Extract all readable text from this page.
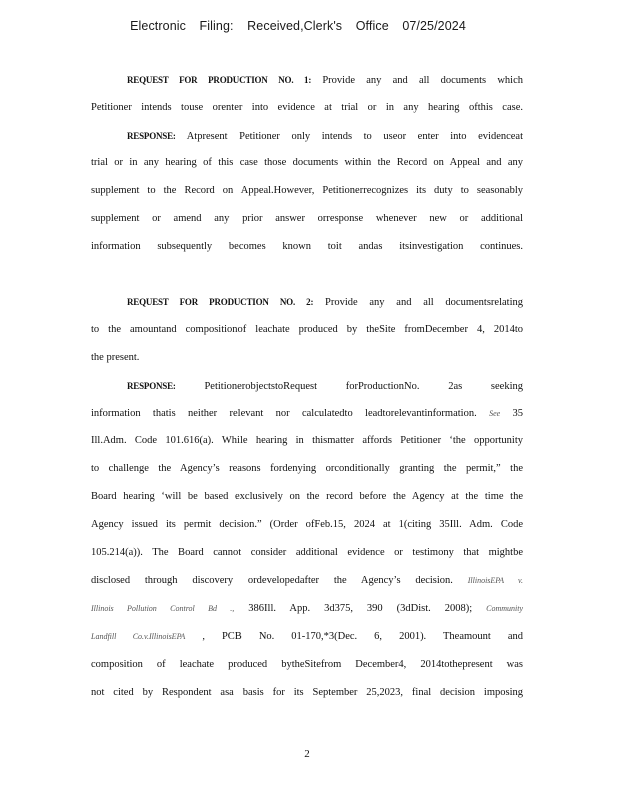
Electronic Filing: Received,Clerk's Office 07/25/2024
REQUEST FOR PRODUCTION NO. 1: Provide any and all documents which
Petitioner intends touse orenter into evidence at trial or in any hearing ofthis case.
RESPONSE: Atpresent Petitioner only intends to useor enter into evidenceat
trial or in any hearing of this case those documents within the Record on Appeal and any
supplement to the Record on Appeal.However, Petitionerrecognizes its duty to seasonably
supplement or amend any prior answer orresponse whenever new or additional
information subsequently becomes known toit andas itsinvestigation continues.
REQUEST FOR PRODUCTION NO. 2: Provide any and all documentsrelating
to the amountand compositionof leachate produced by theSite fromDecember 4, 2014to
the present.
RESPONSE:	PetitionerobjectstoRequest forProductionNo. 2as seeking
information thatis neither relevant nor calculatedto leadtorelevantinformation. See 35
Ill.Adm. Code 101.616(a). While hearing in thismatter affords Petitioner ‘the opportunity
to challenge the Agency’s reasons fordenying orconditionally granting the permit,” the
Board hearing ‘will be based exclusively on the record before the Agency at the time the
Agency issued its permit decision.” (Order ofFeb.15, 2024 at 1(citing 35Ill. Adm. Code
105.214(a)). The Board cannot consider additional evidence or testimony that mightbe
disclosed through discovery ordevelopedafter the Agency’s decision. IllinoisEPA v.
Illinois Pollution Control Bd ., 386Ill. App. 3d375, 390 (3dDist. 2008); Community
Landfill Co.v.IllinoisEPA , PCB No. 01-170,*3(Dec. 6, 2001). Theamount and
composition of leachate produced bytheSitefrom December4, 2014tothepresent was
not cited by Respondent asa basis for its September 25,2023, final decision imposing
2
